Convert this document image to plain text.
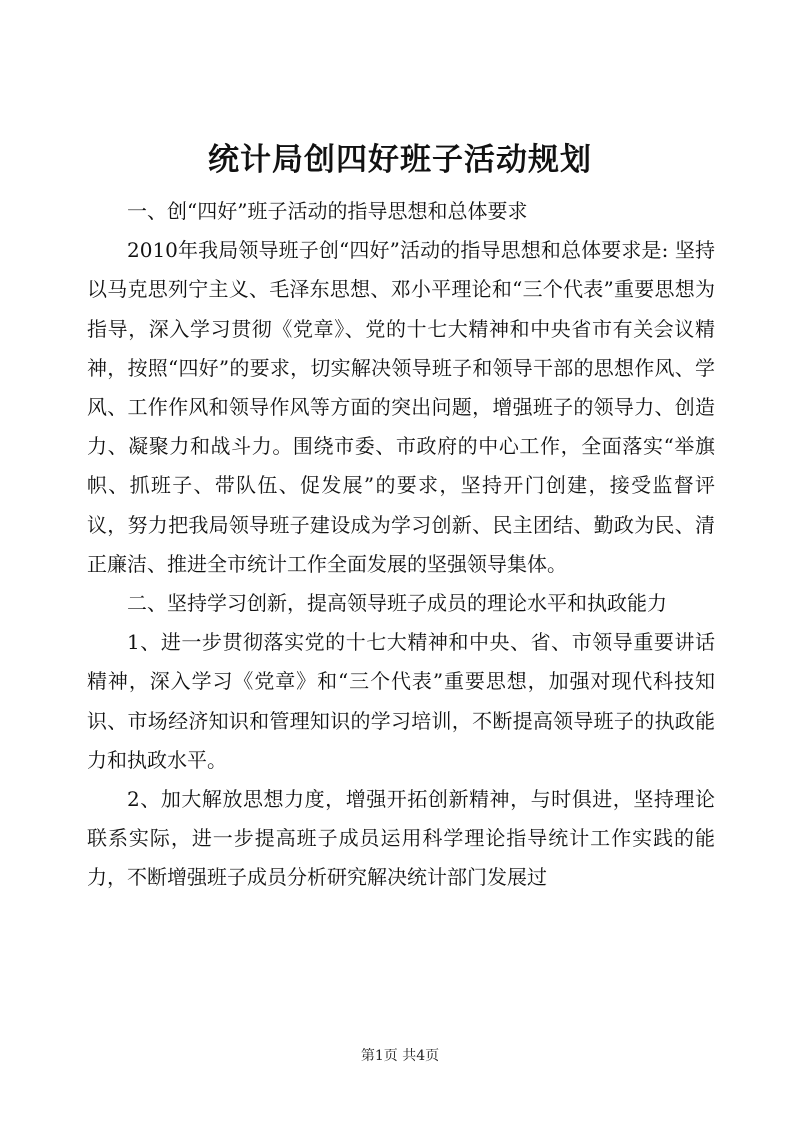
统计局创四好班子活动规划

一、创“四好”班子活动的指导思想和总体要求

2010年我局领导班子创“四好”活动的指导思想和总体要求是: 坚持以马克思列宁主义、毛泽东思想、邓小平理论和“三个代表”重要思想为指导，深入学习贯彻《党章》、党的十七大精神和中央省市有关会议精神，按照“四好”的要求，切实解决领导班子和领导干部的思想作风、学风、工作作风和领导作风等方面的突出问题，增强班子的领导力、创造力、凝聚力和战斗力。围绕市委、市政府的中心工作，全面落实“举旗帜、抓班子、带队伍、促发展”的要求，坚持开门创建，接受监督评议，努力把我局领导班子建设成为学习创新、民主团结、勤政为民、清正廉洁、推进全市统计工作全面发展的坚强领导集体。

二、坚持学习创新，提高领导班子成员的理论水平和执政能力

1、进一步贯彻落实党的十七大精神和中央、省、市领导重要讲话精神，深入学习《党章》和“三个代表”重要思想，加强对现代科技知识、市场经济知识和管理知识的学习培训，不断提高领导班子的执政能力和执政水平。

2、加大解放思想力度，增强开拓创新精神，与时俱进，坚持理论联系实际，进一步提高班子成员运用科学理论指导统计工作实践的能力，不断增强班子成员分析研究解决统计部门发展过

第1页 共4页
